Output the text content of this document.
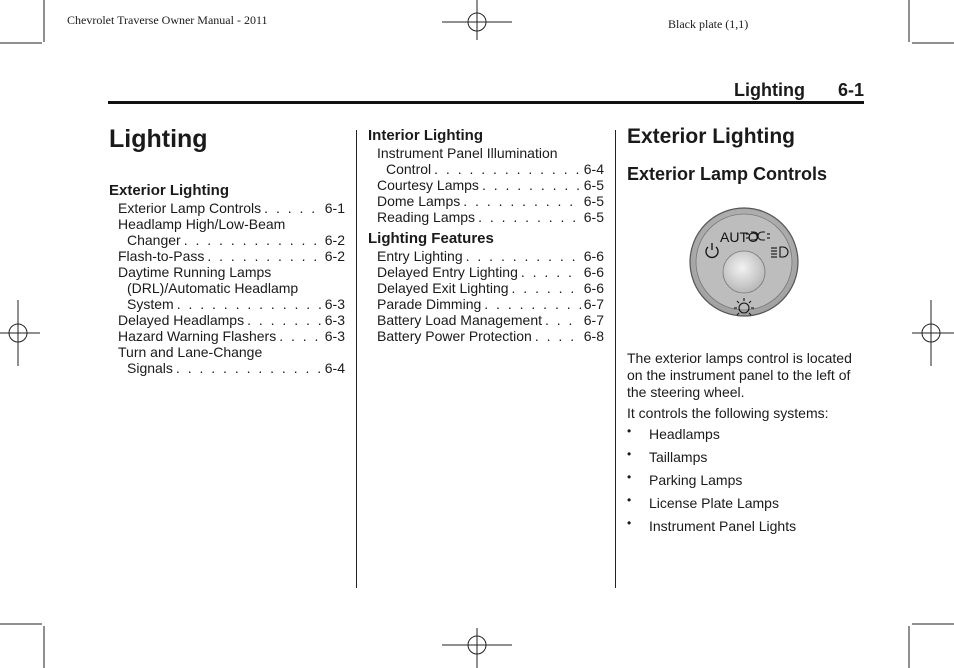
Chevrolet Traverse Owner Manual - 2011	Black plate (1,1)
Lighting 6-1
Lighting
Exterior Lighting
Exterior Lamp Controls . . .	6-1
Headlamp High/Low-Beam
Changer . . .	6-2
Flash-to-Pass . . .	6-2
Daytime Running Lamps
(DRL)/Automatic Headlamp
System . . .	6-3
Delayed Headlamps . . .	6-3
Hazard Warning Flashers . . .	6-3
Turn and Lane-Change
Signals . . .	6-4
Interior Lighting
Instrument Panel Illumination
Control . . .	6-4
Courtesy Lamps . . .	6-5
Dome Lamps . . .	6-5
Reading Lamps . . .	6-5
Lighting Features
Entry Lighting . . .	6-6
Delayed Entry Lighting . . .	6-6
Delayed Exit Lighting . . .	6-6
Parade Dimming . . .	6-7
Battery Load Management . . .	6-7
Battery Power Protection . . .	6-8
Exterior Lighting
Exterior Lamp Controls
AUTO
The exterior lamps control is located on the instrument panel to the left of the steering wheel.
It controls the following systems:
•	Headlamps
•	Taillamps
•	Parking Lamps
•	License Plate Lamps
•	Instrument Panel Lights
